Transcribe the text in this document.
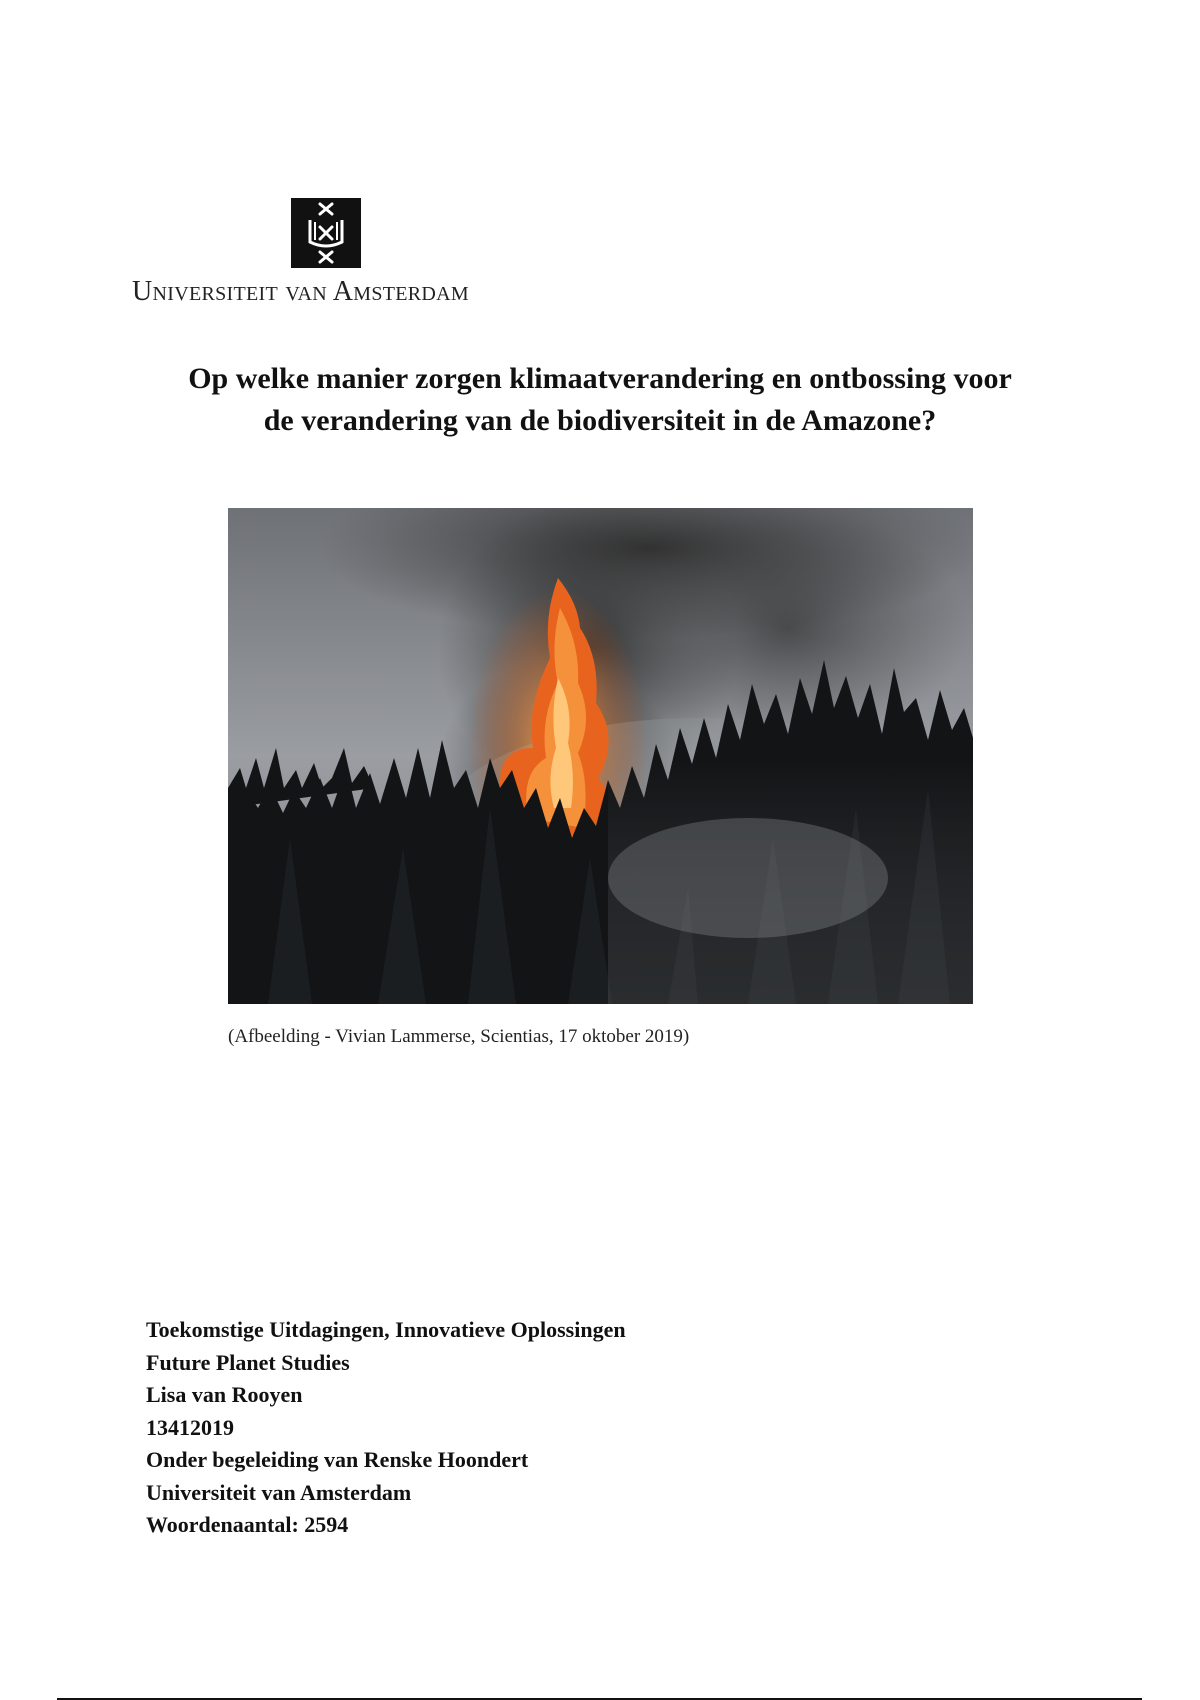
Universiteit van Amsterdam
Op welke manier zorgen klimaatverandering en ontbossing voor
de verandering van de biodiversiteit in de Amazone?
(Afbeelding - Vivian Lammerse, Scientias, 17 oktober 2019)
Toekomstige Uitdagingen, Innovatieve Oplossingen
Future Planet Studies
Lisa van Rooyen
13412019
Onder begeleiding van Renske Hoondert
Universiteit van Amsterdam
Woordenaantal: 2594
